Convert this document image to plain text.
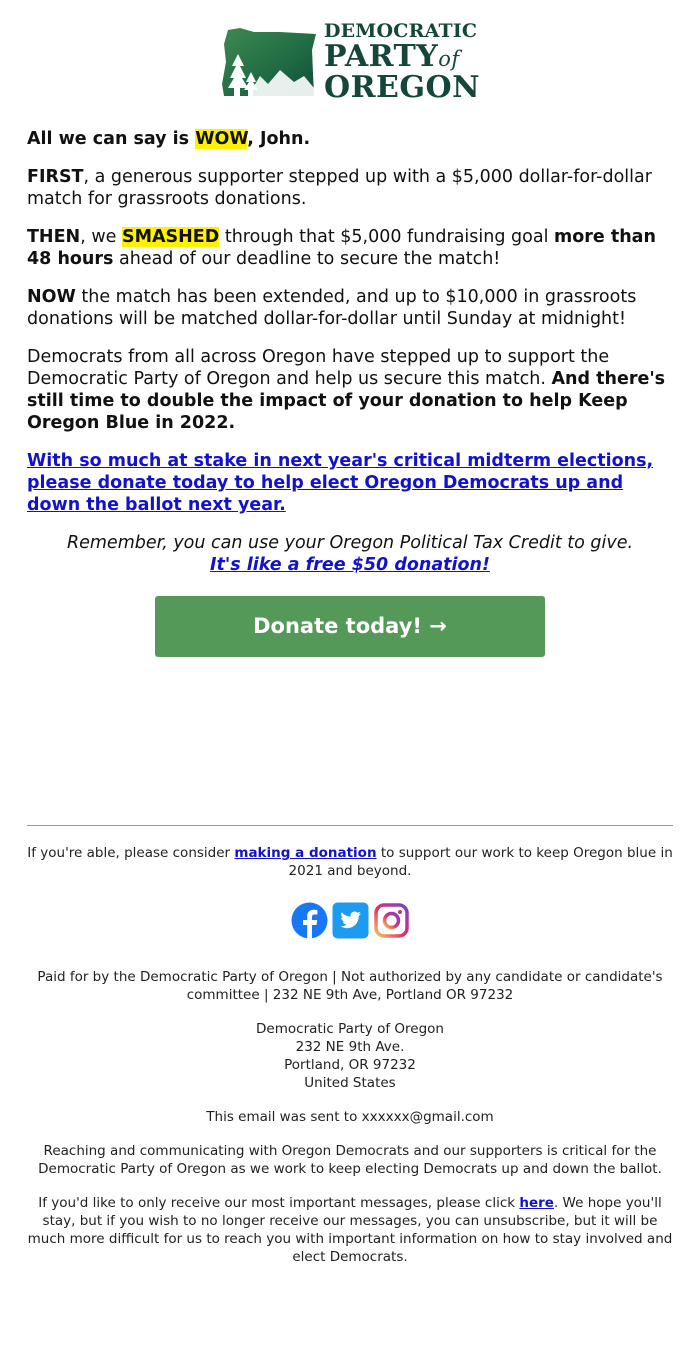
DEMOCRATIC
PARTYof
OREGON

All we can say is WOW, John.

FIRST, a generous supporter stepped up with a $5,000 dollar-for-dollar match for grassroots donations.

THEN, we SMASHED through that $5,000 fundraising goal more than 48 hours ahead of our deadline to secure the match!

NOW the match has been extended, and up to $10,000 in grassroots donations will be matched dollar-for-dollar until Sunday at midnight!

Democrats from all across Oregon have stepped up to support the Democratic Party of Oregon and help us secure this match. And there's still time to double the impact of your donation to help Keep Oregon Blue in 2022.

With so much at stake in next year's critical midterm elections, please donate today to help elect Oregon Democrats up and down the ballot next year.

Remember, you can use your Oregon Political Tax Credit to give.
It's like a free $50 donation!

Donate today! →

If you're able, please consider making a donation to support our work to keep Oregon blue in 2021 and beyond.

Paid for by the Democratic Party of Oregon | Not authorized by any candidate or candidate's committee | 232 NE 9th Ave, Portland OR 97232

Democratic Party of Oregon
232 NE 9th Ave.
Portland, OR 97232
United States

This email was sent to xxxxxx@gmail.com

Reaching and communicating with Oregon Democrats and our supporters is critical for the Democratic Party of Oregon as we work to keep electing Democrats up and down the ballot.

If you'd like to only receive our most important messages, please click here. We hope you'll stay, but if you wish to no longer receive our messages, you can unsubscribe, but it will be much more difficult for us to reach you with important information on how to stay involved and elect Democrats.
